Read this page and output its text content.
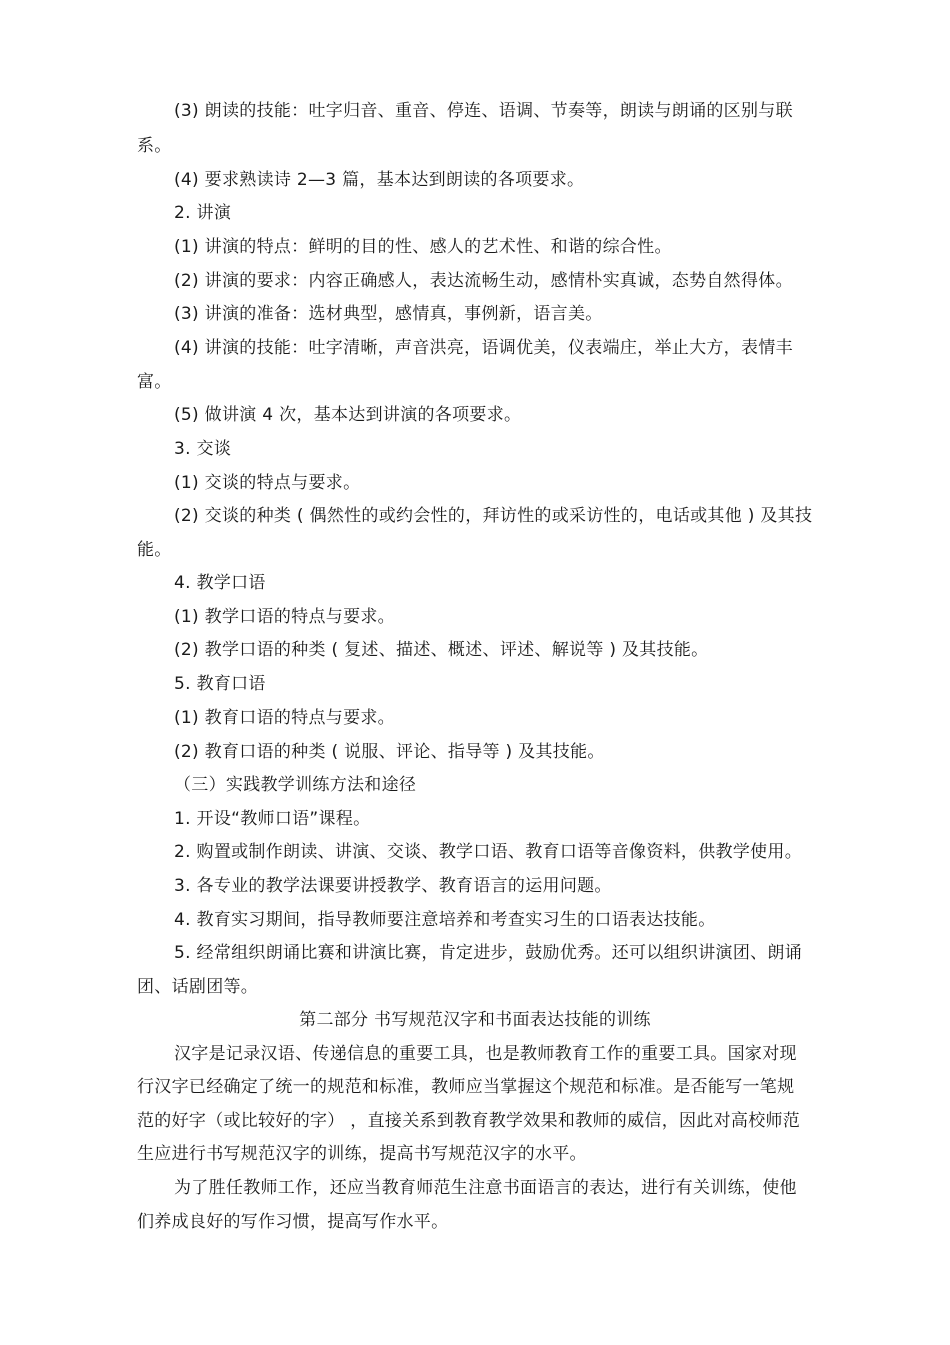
(3) 朗读的技能：吐字归音、重音、停连、语调、节奏等，朗读与朗诵的区别与联
系。
(4) 要求熟读诗 2—3 篇，基本达到朗读的各项要求。
2. 讲演
(1) 讲演的特点：鲜明的目的性、感人的艺术性、和谐的综合性。
(2) 讲演的要求：内容正确感人，表达流畅生动，感情朴实真诚，态势自然得体。
(3) 讲演的准备：选材典型，感情真，事例新，语言美。
(4) 讲演的技能：吐字清晰，声音洪亮，语调优美，仪表端庄，举止大方，表情丰
富。
(5) 做讲演 4 次，基本达到讲演的各项要求。
3. 交谈
(1) 交谈的特点与要求。
(2) 交谈的种类 ( 偶然性的或约会性的，拜访性的或采访性的，电话或其他 ) 及其技
能。
4. 教学口语
(1) 教学口语的特点与要求。
(2) 教学口语的种类 ( 复述、描述、概述、评述、解说等 ) 及其技能。
5. 教育口语
(1) 教育口语的特点与要求。
(2) 教育口语的种类 ( 说服、评论、指导等 ) 及其技能。
（三）实践教学训练方法和途径
1. 开设“教师口语”课程。
2. 购置或制作朗读、讲演、交谈、教学口语、教育口语等音像资料，供教学使用。
3. 各专业的教学法课要讲授教学、教育语言的运用问题。
4. 教育实习期间，指导教师要注意培养和考查实习生的口语表达技能。
5. 经常组织朗诵比赛和讲演比赛，肯定进步，鼓励优秀。还可以组织讲演团、朗诵
团、话剧团等。
第二部分 书写规范汉字和书面表达技能的训练
汉字是记录汉语、传递信息的重要工具，也是教师教育工作的重要工具。国家对现
行汉字已经确定了统一的规范和标准，教师应当掌握这个规范和标准。是否能写一笔规
范的好字（或比较好的字） ，直接关系到教育教学效果和教师的威信，因此对高校师范
生应进行书写规范汉字的训练，提高书写规范汉字的水平。
为了胜任教师工作，还应当教育师范生注意书面语言的表达，进行有关训练，使他
们养成良好的写作习惯，提高写作水平。
